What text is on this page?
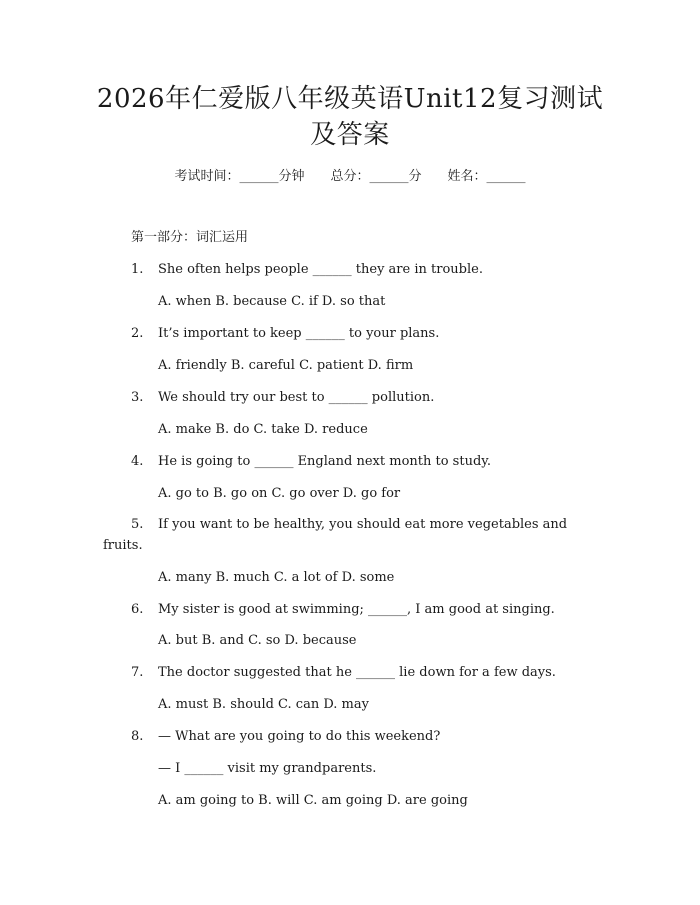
2026年仁爱版八年级英语Unit12复习测试
及答案
考试时间：______分钟 总分：______分 姓名：______
第一部分：词汇运用
1. She often helps people ______ they are in trouble.
A. when B. because C. if D. so that
2. It’s important to keep ______ to your plans.
A. friendly B. careful C. patient D. firm
3. We should try our best to ______ pollution.
A. make B. do C. take D. reduce
4. He is going to ______ England next month to study.
A. go to B. go on C. go over D. go for
5. If you want to be healthy, you should eat more vegetables and
fruits.
A. many B. much C. a lot of D. some
6. My sister is good at swimming; ______, I am good at singing.
A. but B. and C. so D. because
7. The doctor suggested that he ______ lie down for a few days.
A. must B. should C. can D. may
8. — What are you going to do this weekend?
— I ______ visit my grandparents.
A. am going to B. will C. am going D. are going
